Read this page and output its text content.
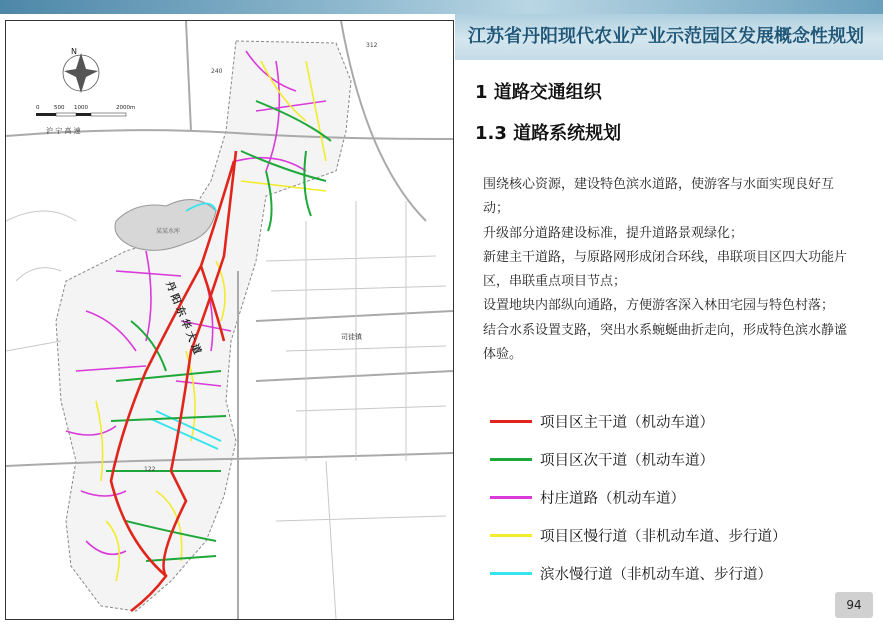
江苏省丹阳现代农业产业示范园区发展概念性规划
N
0	500 1000	2000m
312
240
122
沪 宁 高 速
某某水库
司徒镇
丹 阳 东 华 大 道
1 道路交通组织
1.3 道路系统规划

围绕核心资源，建设特色滨水道路，使游客与水面实现良好互动；

升级部分道路建设标准，提升道路景观绿化；

新建主干道路，与原路网形成闭合环线，串联项目区四大功能片区，串联重点项目节点；

设置地块内部纵向通路，方便游客深入林田宅园与特色村落；

结合水系设置支路，突出水系蜿蜒曲折走向，形成特色滨水静谧体验。

项目区主干道（机动车道）
项目区次干道（机动车道）
村庄道路（机动车道）
项目区慢行道（非机动车道、步行道）
滨水慢行道（非机动车道、步行道）
94
